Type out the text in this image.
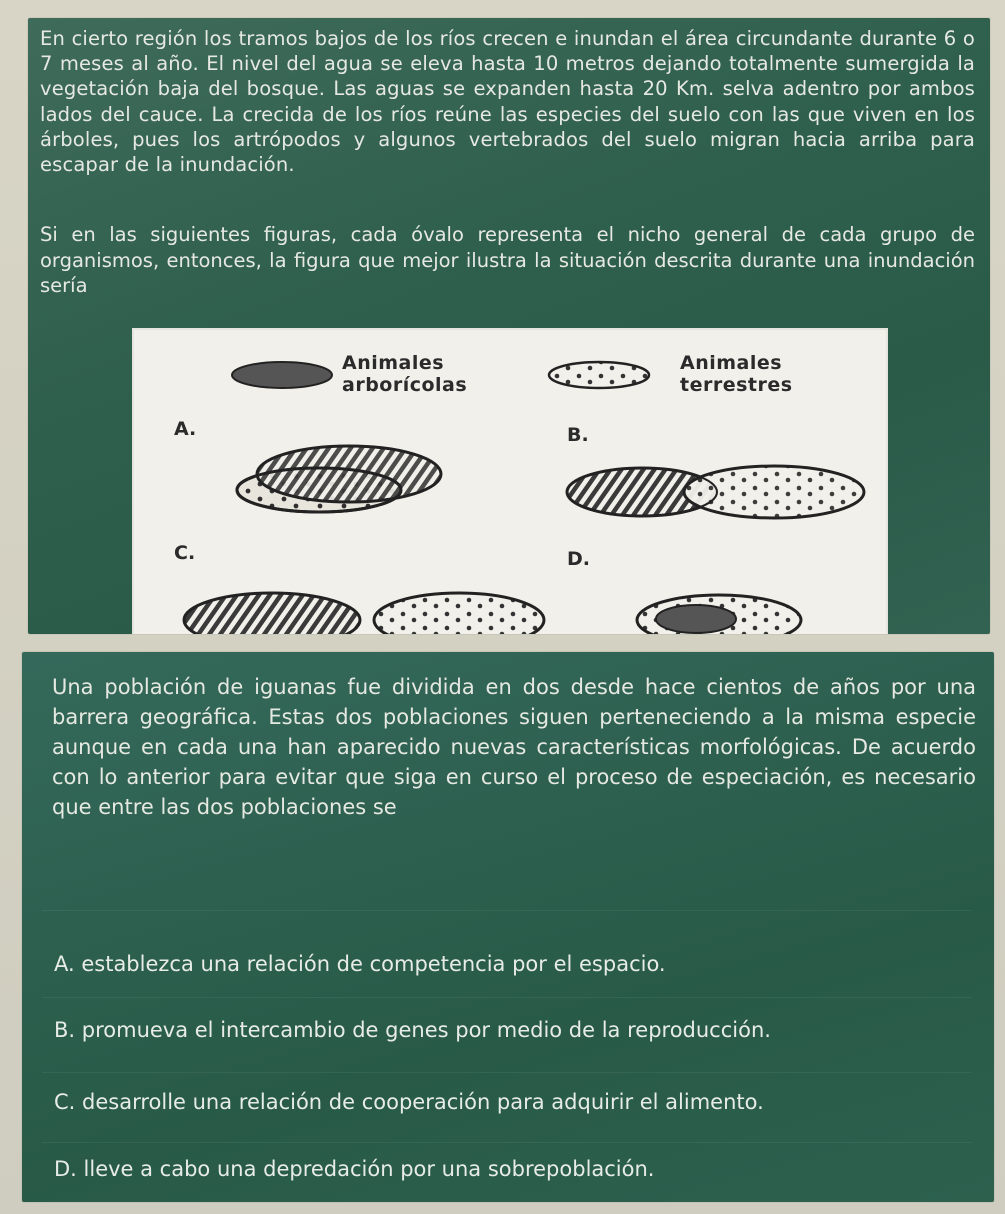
En cierto región los tramos bajos de los ríos crecen e inundan el área circundante durante 6 o 7 meses al año. El nivel del agua se eleva hasta 10 metros dejando totalmente sumergida la vegetación baja del bosque. Las aguas se expanden hasta 20 Km. selva adentro por ambos lados del cauce. La crecida de los ríos reúne las especies del suelo con las que viven en los árboles, pues los artrópodos y algunos vertebrados del suelo migran hacia arriba para escapar de la inundación.

Si en las siguientes figuras, cada óvalo representa el nicho general de cada grupo de organismos, entonces, la figura que mejor ilustra la situación descrita durante una inundación sería

Animales arborícolas
Animales terrestres
A.	B.
C.	D.

Una población de iguanas fue dividida en dos desde hace cientos de años por una barrera geográfica. Estas dos poblaciones siguen perteneciendo a la misma especie aunque en cada una han aparecido nuevas características morfológicas. De acuerdo con lo anterior para evitar que siga en curso el proceso de especiación, es necesario que entre las dos poblaciones se

A. establezca una relación de competencia por el espacio.
B. promueva el intercambio de genes por medio de la reproducción.
C. desarrolle una relación de cooperación para adquirir el alimento.
D. lleve a cabo una depredación por una sobrepoblación.
